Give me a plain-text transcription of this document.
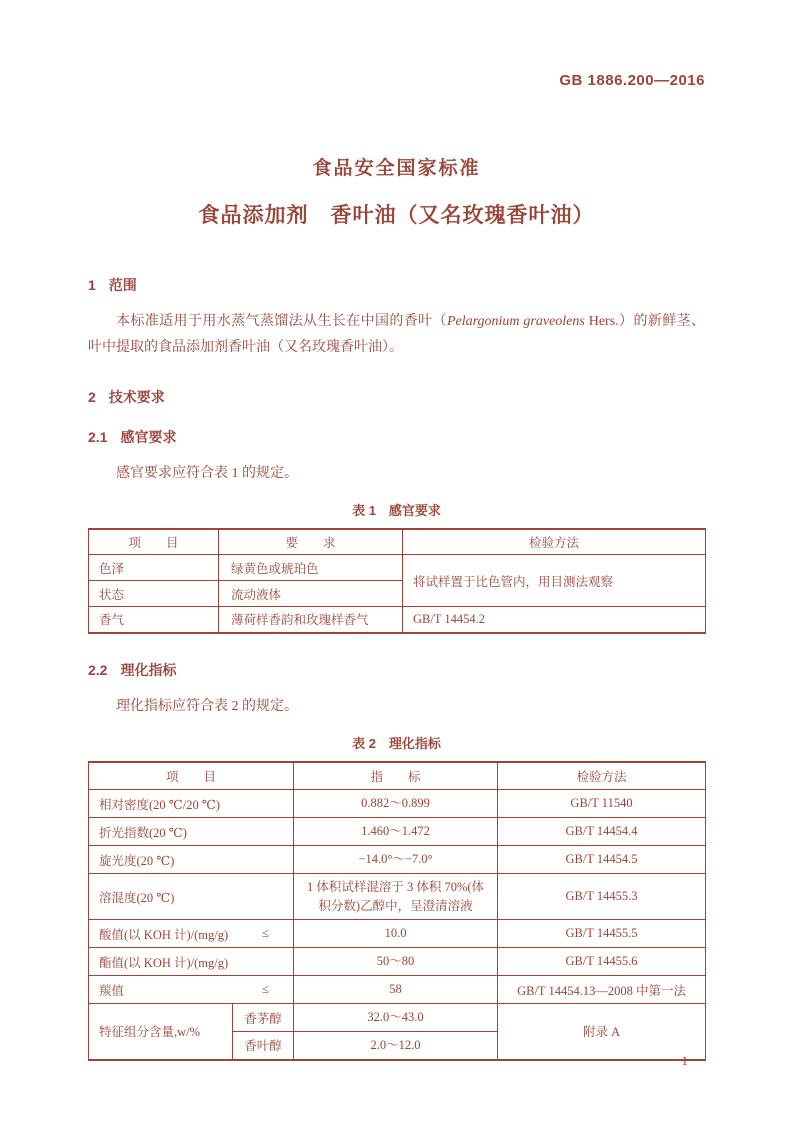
GB 1886.200—2016
食品安全国家标准
食品添加剂　香叶油（又名玫瑰香叶油）
1 范围

本标准适用于用水蒸气蒸馏法从生长在中国的香叶（Pelargonium graveolens Hers.）的新鲜茎、叶中提取的食品添加剂香叶油（又名玫瑰香叶油）。

2 技术要求
2.1 感官要求

感官要求应符合表 1 的规定。

表 1　感官要求
项　　目	要　　求	检验方法
色泽	绿黄色或琥珀色	将试样置于比色管内，用目测法观察
状态	流动液体	
香气	薄荷样香韵和玫瑰样香气	GB/T 14454.2
2.2 理化指标

理化指标应符合表 2 的规定。

表 2　理化指标
项　　目		指　　标	检验方法

相对密度(20 ℃/20 ℃)		0.882～0.899	GB/T 11540

折光指数(20 ℃)		1.460～1.472	GB/T 14454.4

旋光度(20 ℃)		−14.0°～−7.0°	GB/T 14454.5

溶混度(20 ℃)		1 体积试样混溶于 3 体积 70%(体积分数)乙醇中，呈澄清溶液	GB/T 14455.3

酸值(以 KOH 计)/(mg/g) ≤		10.0	GB/T 14455.5

酯值(以 KOH 计)/(mg/g)		50～80	GB/T 14455.6

羰值 ≤		58	GB/T 14454.13—2008 中第一法
特征组分含量,w/%	香茅醇	32.0～43.0	附录 A
	香叶醇	2.0～12.0	
1
